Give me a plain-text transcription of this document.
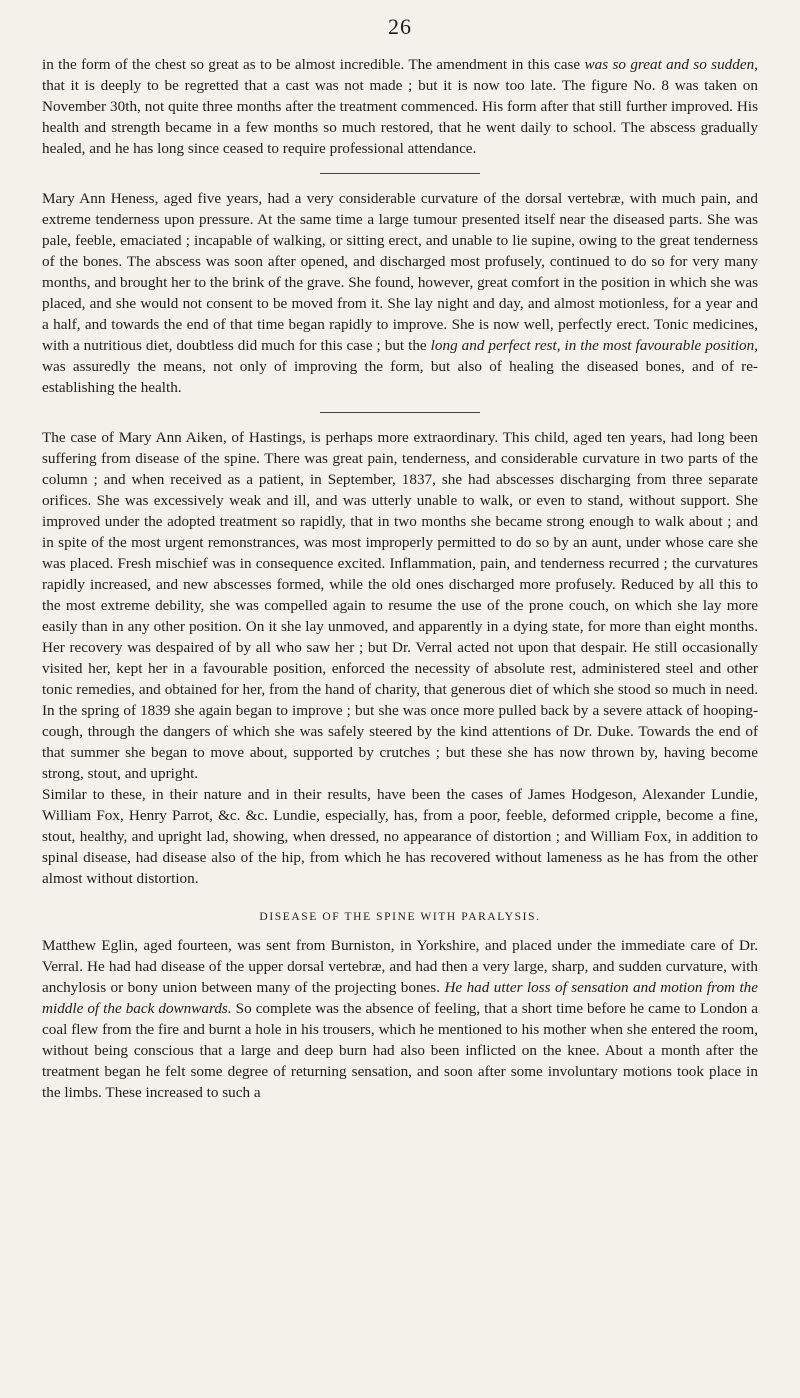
26

in the form of the chest so great as to be almost incredible. The amendment in this case was so great and so sudden, that it is deeply to be regretted that a cast was not made ; but it is now too late. The figure No. 8 was taken on November 30th, not quite three months after the treatment commenced. His form after that still further improved. His health and strength became in a few months so much restored, that he went daily to school. The abscess gradually healed, and he has long since ceased to require professional attendance.

Mary Ann Heness, aged five years, had a very considerable curvature of the dorsal vertebræ, with much pain, and extreme tenderness upon pressure. At the same time a large tumour presented itself near the diseased parts. She was pale, feeble, emaciated ; incapable of walking, or sitting erect, and unable to lie supine, owing to the great tenderness of the bones. The abscess was soon after opened, and discharged most profusely, continued to do so for very many months, and brought her to the brink of the grave. She found, however, great comfort in the position in which she was placed, and she would not consent to be moved from it. She lay night and day, and almost motionless, for a year and a half, and towards the end of that time began rapidly to improve. She is now well, perfectly erect. Tonic medicines, with a nutritious diet, doubtless did much for this case ; but the long and perfect rest, in the most favourable position, was assuredly the means, not only of improving the form, but also of healing the diseased bones, and of re-establishing the health.

The case of Mary Ann Aiken, of Hastings, is perhaps more extraordinary. This child, aged ten years, had long been suffering from disease of the spine. There was great pain, tenderness, and considerable curvature in two parts of the column ; and when received as a patient, in September, 1837, she had abscesses discharging from three separate orifices. She was excessively weak and ill, and was utterly unable to walk, or even to stand, without support. She improved under the adopted treatment so rapidly, that in two months she became strong enough to walk about ; and in spite of the most urgent remonstrances, was most improperly permitted to do so by an aunt, under whose care she was placed. Fresh mischief was in consequence excited. Inflammation, pain, and tenderness recurred ; the curvatures rapidly increased, and new abscesses formed, while the old ones discharged more profusely. Reduced by all this to the most extreme debility, she was compelled again to resume the use of the prone couch, on which she lay more easily than in any other position. On it she lay unmoved, and apparently in a dying state, for more than eight months. Her recovery was despaired of by all who saw her ; but Dr. Verral acted not upon that despair. He still occasionally visited her, kept her in a favourable position, enforced the necessity of absolute rest, administered steel and other tonic remedies, and obtained for her, from the hand of charity, that generous diet of which she stood so much in need. In the spring of 1839 she again began to improve ; but she was once more pulled back by a severe attack of hooping-cough, through the dangers of which she was safely steered by the kind attentions of Dr. Duke. Towards the end of that summer she began to move about, supported by crutches ; but these she has now thrown by, having become strong, stout, and upright.

Similar to these, in their nature and in their results, have been the cases of James Hodgeson, Alexander Lundie, William Fox, Henry Parrot, &c. &c. Lundie, especially, has, from a poor, feeble, deformed cripple, become a fine, stout, healthy, and upright lad, showing, when dressed, no appearance of distortion ; and William Fox, in addition to spinal disease, had disease also of the hip, from which he has recovered without lameness as he has from the other almost without distortion.

DISEASE OF THE SPINE WITH PARALYSIS.

Matthew Eglin, aged fourteen, was sent from Burniston, in Yorkshire, and placed under the immediate care of Dr. Verral. He had had disease of the upper dorsal vertebræ, and had then a very large, sharp, and sudden curvature, with anchylosis or bony union between many of the projecting bones. He had utter loss of sensation and motion from the middle of the back downwards. So complete was the absence of feeling, that a short time before he came to London a coal flew from the fire and burnt a hole in his trousers, which he mentioned to his mother when she entered the room, without being conscious that a large and deep burn had also been inflicted on the knee. About a month after the treatment began he felt some degree of returning sensation, and soon after some involuntary motions took place in the limbs. These increased to such a
